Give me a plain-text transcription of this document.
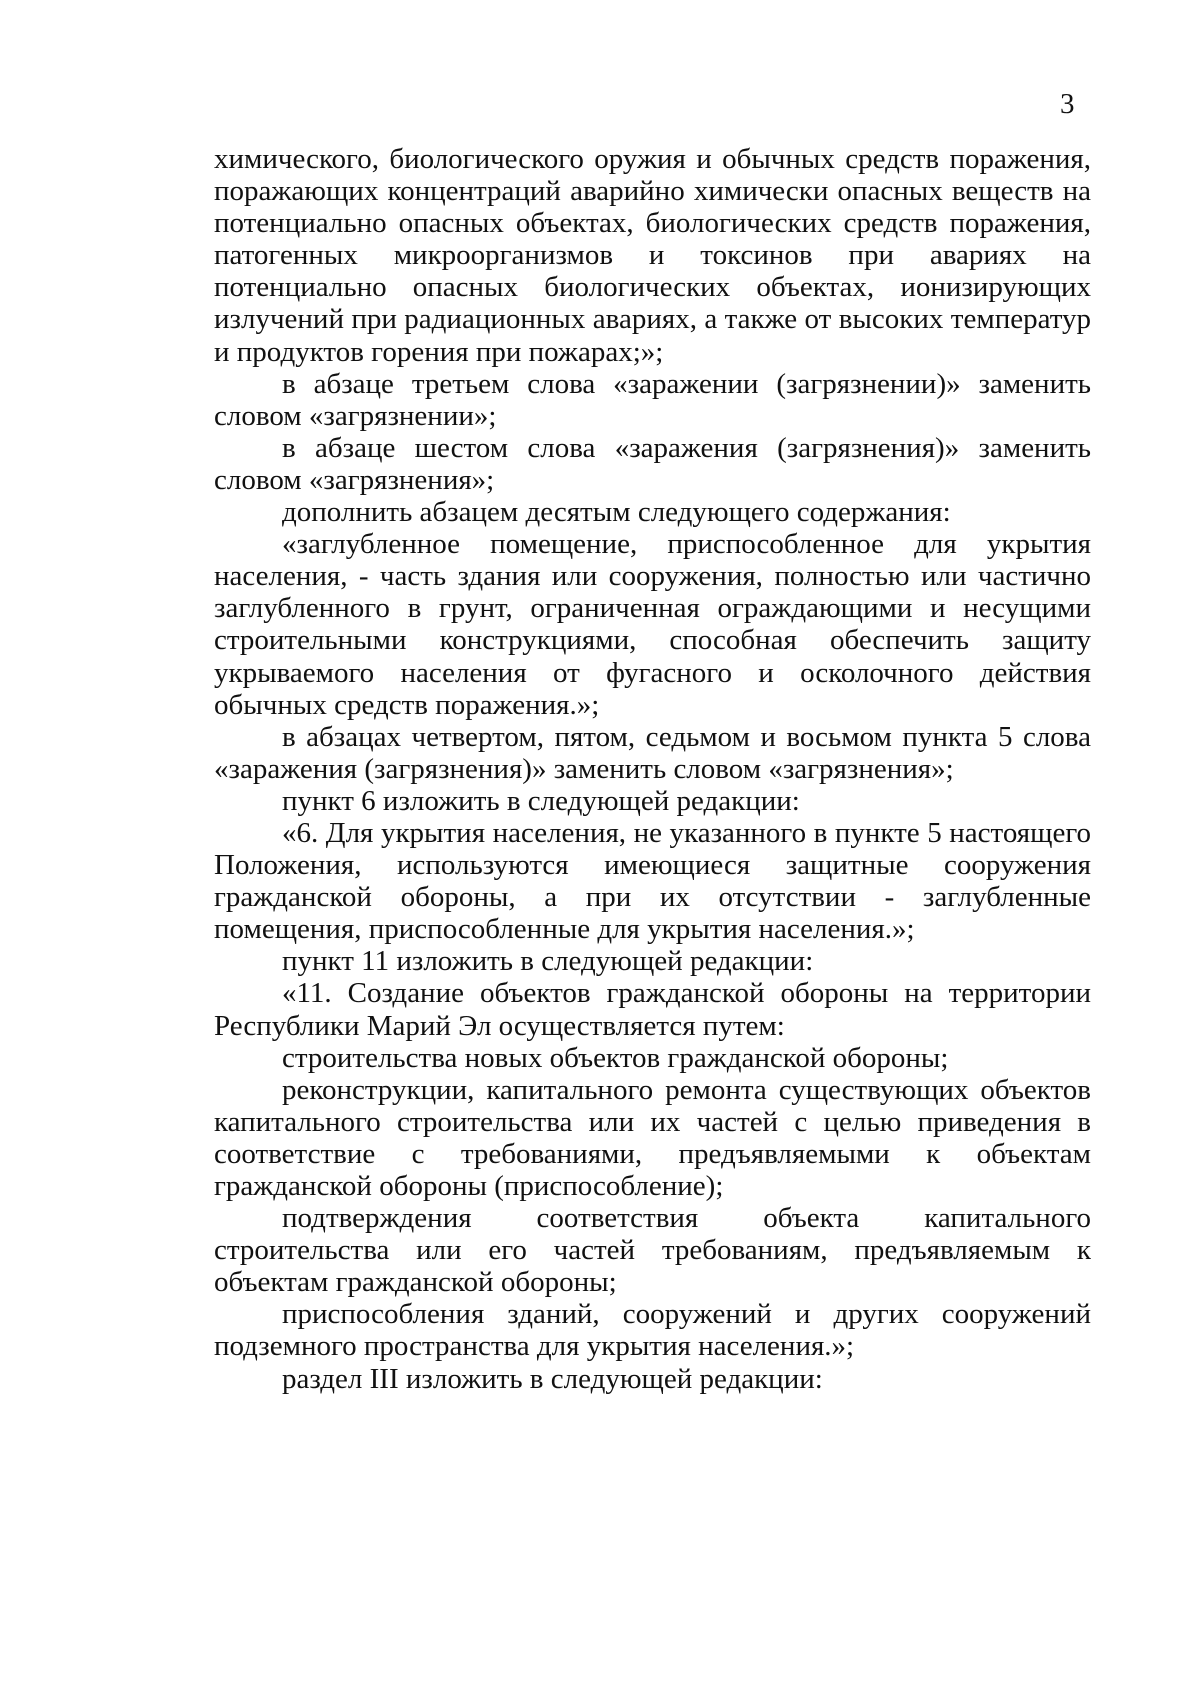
3

химического, биологического оружия и обычных средств поражения, поражающих концентраций аварийно химически опасных веществ на потенциально опасных объектах, биологических средств поражения, патогенных микроорганизмов и токсинов при авариях на потенциально опасных биологических объектах, ионизирующих излучений при радиационных авариях, а также от высоких температур и продуктов горения при пожарах;»;

в абзаце третьем слова «заражении (загрязнении)» заменить словом «загрязнении»;

в абзаце шестом слова «заражения (загрязнения)» заменить словом «загрязнения»;

дополнить абзацем десятым следующего содержания:

«заглубленное помещение, приспособленное для укрытия населения, - часть здания или сооружения, полностью или частично заглубленного в грунт, ограниченная ограждающими и несущими строительными конструкциями, способная обеспечить защиту укрываемого населения от фугасного и осколочного действия обычных средств поражения.»;

в абзацах четвертом, пятом, седьмом и восьмом пункта 5 слова «заражения (загрязнения)» заменить словом «загрязнения»;

пункт 6 изложить в следующей редакции:

«6. Для укрытия населения, не указанного в пункте 5 настоящего Положения, используются имеющиеся защитные сооружения гражданской обороны, а при их отсутствии - заглубленные помещения, приспособленные для укрытия населения.»;

пункт 11 изложить в следующей редакции:

«11. Создание объектов гражданской обороны на территории Республики Марий Эл осуществляется путем:

строительства новых объектов гражданской обороны;

реконструкции, капитального ремонта существующих объектов капитального строительства или их частей с целью приведения в соответствие с требованиями, предъявляемыми к объектам гражданской обороны (приспособление);

подтверждения соответствия объекта капитального строительства или его частей требованиям, предъявляемым к объектам гражданской обороны;

приспособления зданий, сооружений и других сооружений подземного пространства для укрытия населения.»;

раздел III изложить в следующей редакции:
